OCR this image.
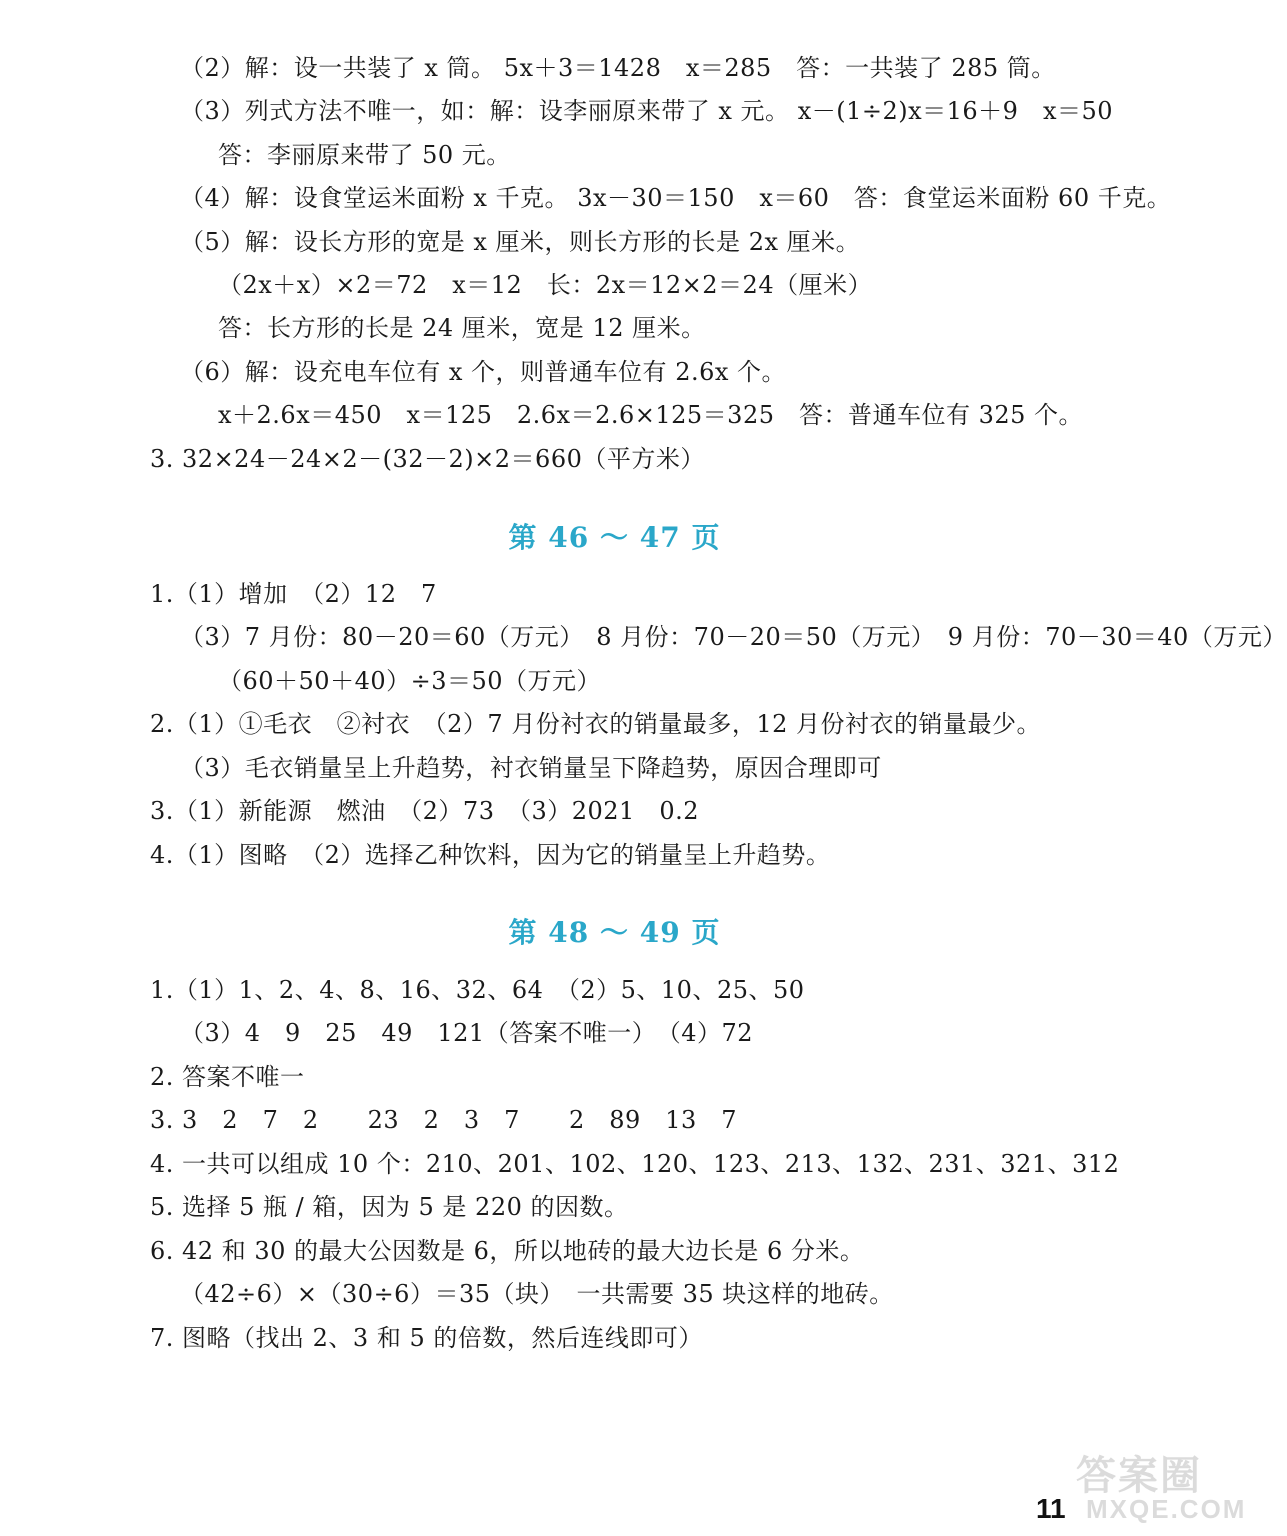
（2）解：设一共装了 x 筒。 5x＋3＝1428　x＝285　答：一共装了 285 筒。
（3）列式方法不唯一，如：解：设李丽原来带了 x 元。 x－(1÷2)x＝16＋9　x＝50
答：李丽原来带了 50 元。
（4）解：设食堂运米面粉 x 千克。 3x－30＝150　x＝60　答：食堂运米面粉 60 千克。
（5）解：设长方形的宽是 x 厘米，则长方形的长是 2x 厘米。
（2x＋x）×2＝72　x＝12　长：2x＝12×2＝24（厘米）
答：长方形的长是 24 厘米，宽是 12 厘米。
（6）解：设充电车位有 x 个，则普通车位有 2.6x 个。
x＋2.6x＝450　x＝125　2.6x＝2.6×125＝325　答：普通车位有 325 个。
3. 32×24－24×2－(32－2)×2＝660（平方米）
第 46 ～ 47 页
1.（1）增加　（2）12　7
（3）7 月份：80－20＝60（万元）　8 月份：70－20＝50（万元）　9 月份：70－30＝40（万元）
（60＋50＋40）÷3＝50（万元）
2.（1）①毛衣　②衬衣　（2）7 月份衬衣的销量最多，12 月份衬衣的销量最少。
（3）毛衣销量呈上升趋势，衬衣销量呈下降趋势，原因合理即可
3.（1）新能源　燃油　（2）73　（3）2021　0.2
4.（1）图略　（2）选择乙种饮料，因为它的销量呈上升趋势。
第 48 ～ 49 页
1.（1）1、2、4、8、16、32、64　（2）5、10、25、50
（3）4　9　25　49　121（答案不唯一）　（4）72
2. 答案不唯一
3. 3　2　7　2　　23　2　3　7　　2　89　13　7
4. 一共可以组成 10 个：210、201、102、120、123、213、132、231、321、312
5. 选择 5 瓶 / 箱，因为 5 是 220 的因数。
6. 42 和 30 的最大公因数是 6，所以地砖的最大边长是 6 分米。
（42÷6）×（30÷6）＝35（块）　一共需要 35 块这样的地砖。
7. 图略（找出 2、3 和 5 的倍数，然后连线即可）
11
答案圈
MXQE.COM
